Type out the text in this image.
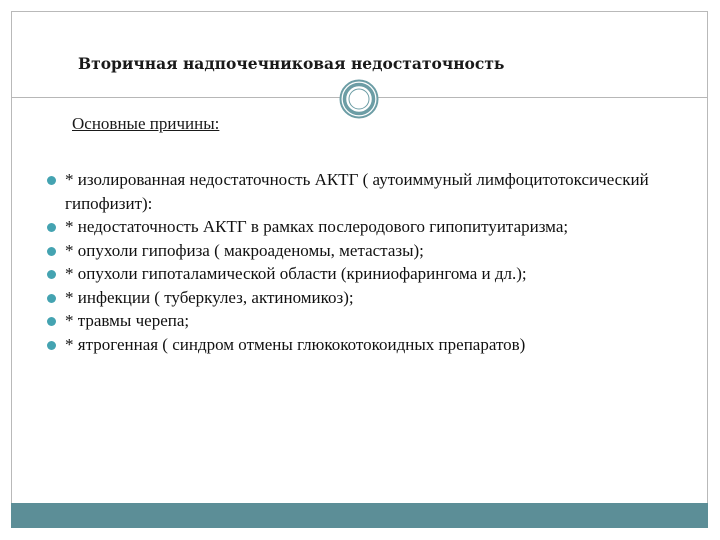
Вторичная надпочечниковая недостаточность
Основные причины:
* изолированная недостаточность АКТГ ( аутоиммуный лимфоцитотоксический гипофизит):
* недостаточность АКТГ в рамках послеродового гипопитуитаризма;
* опухоли гипофиза ( макроаденомы, метастазы);
* опухоли гипоталамической области (криниофарингома и дл.);
* инфекции ( туберкулез, актиномикоз);
* травмы черепа;
* ятрогенная ( синдром отмены глюкокотокоидных препаратов)
